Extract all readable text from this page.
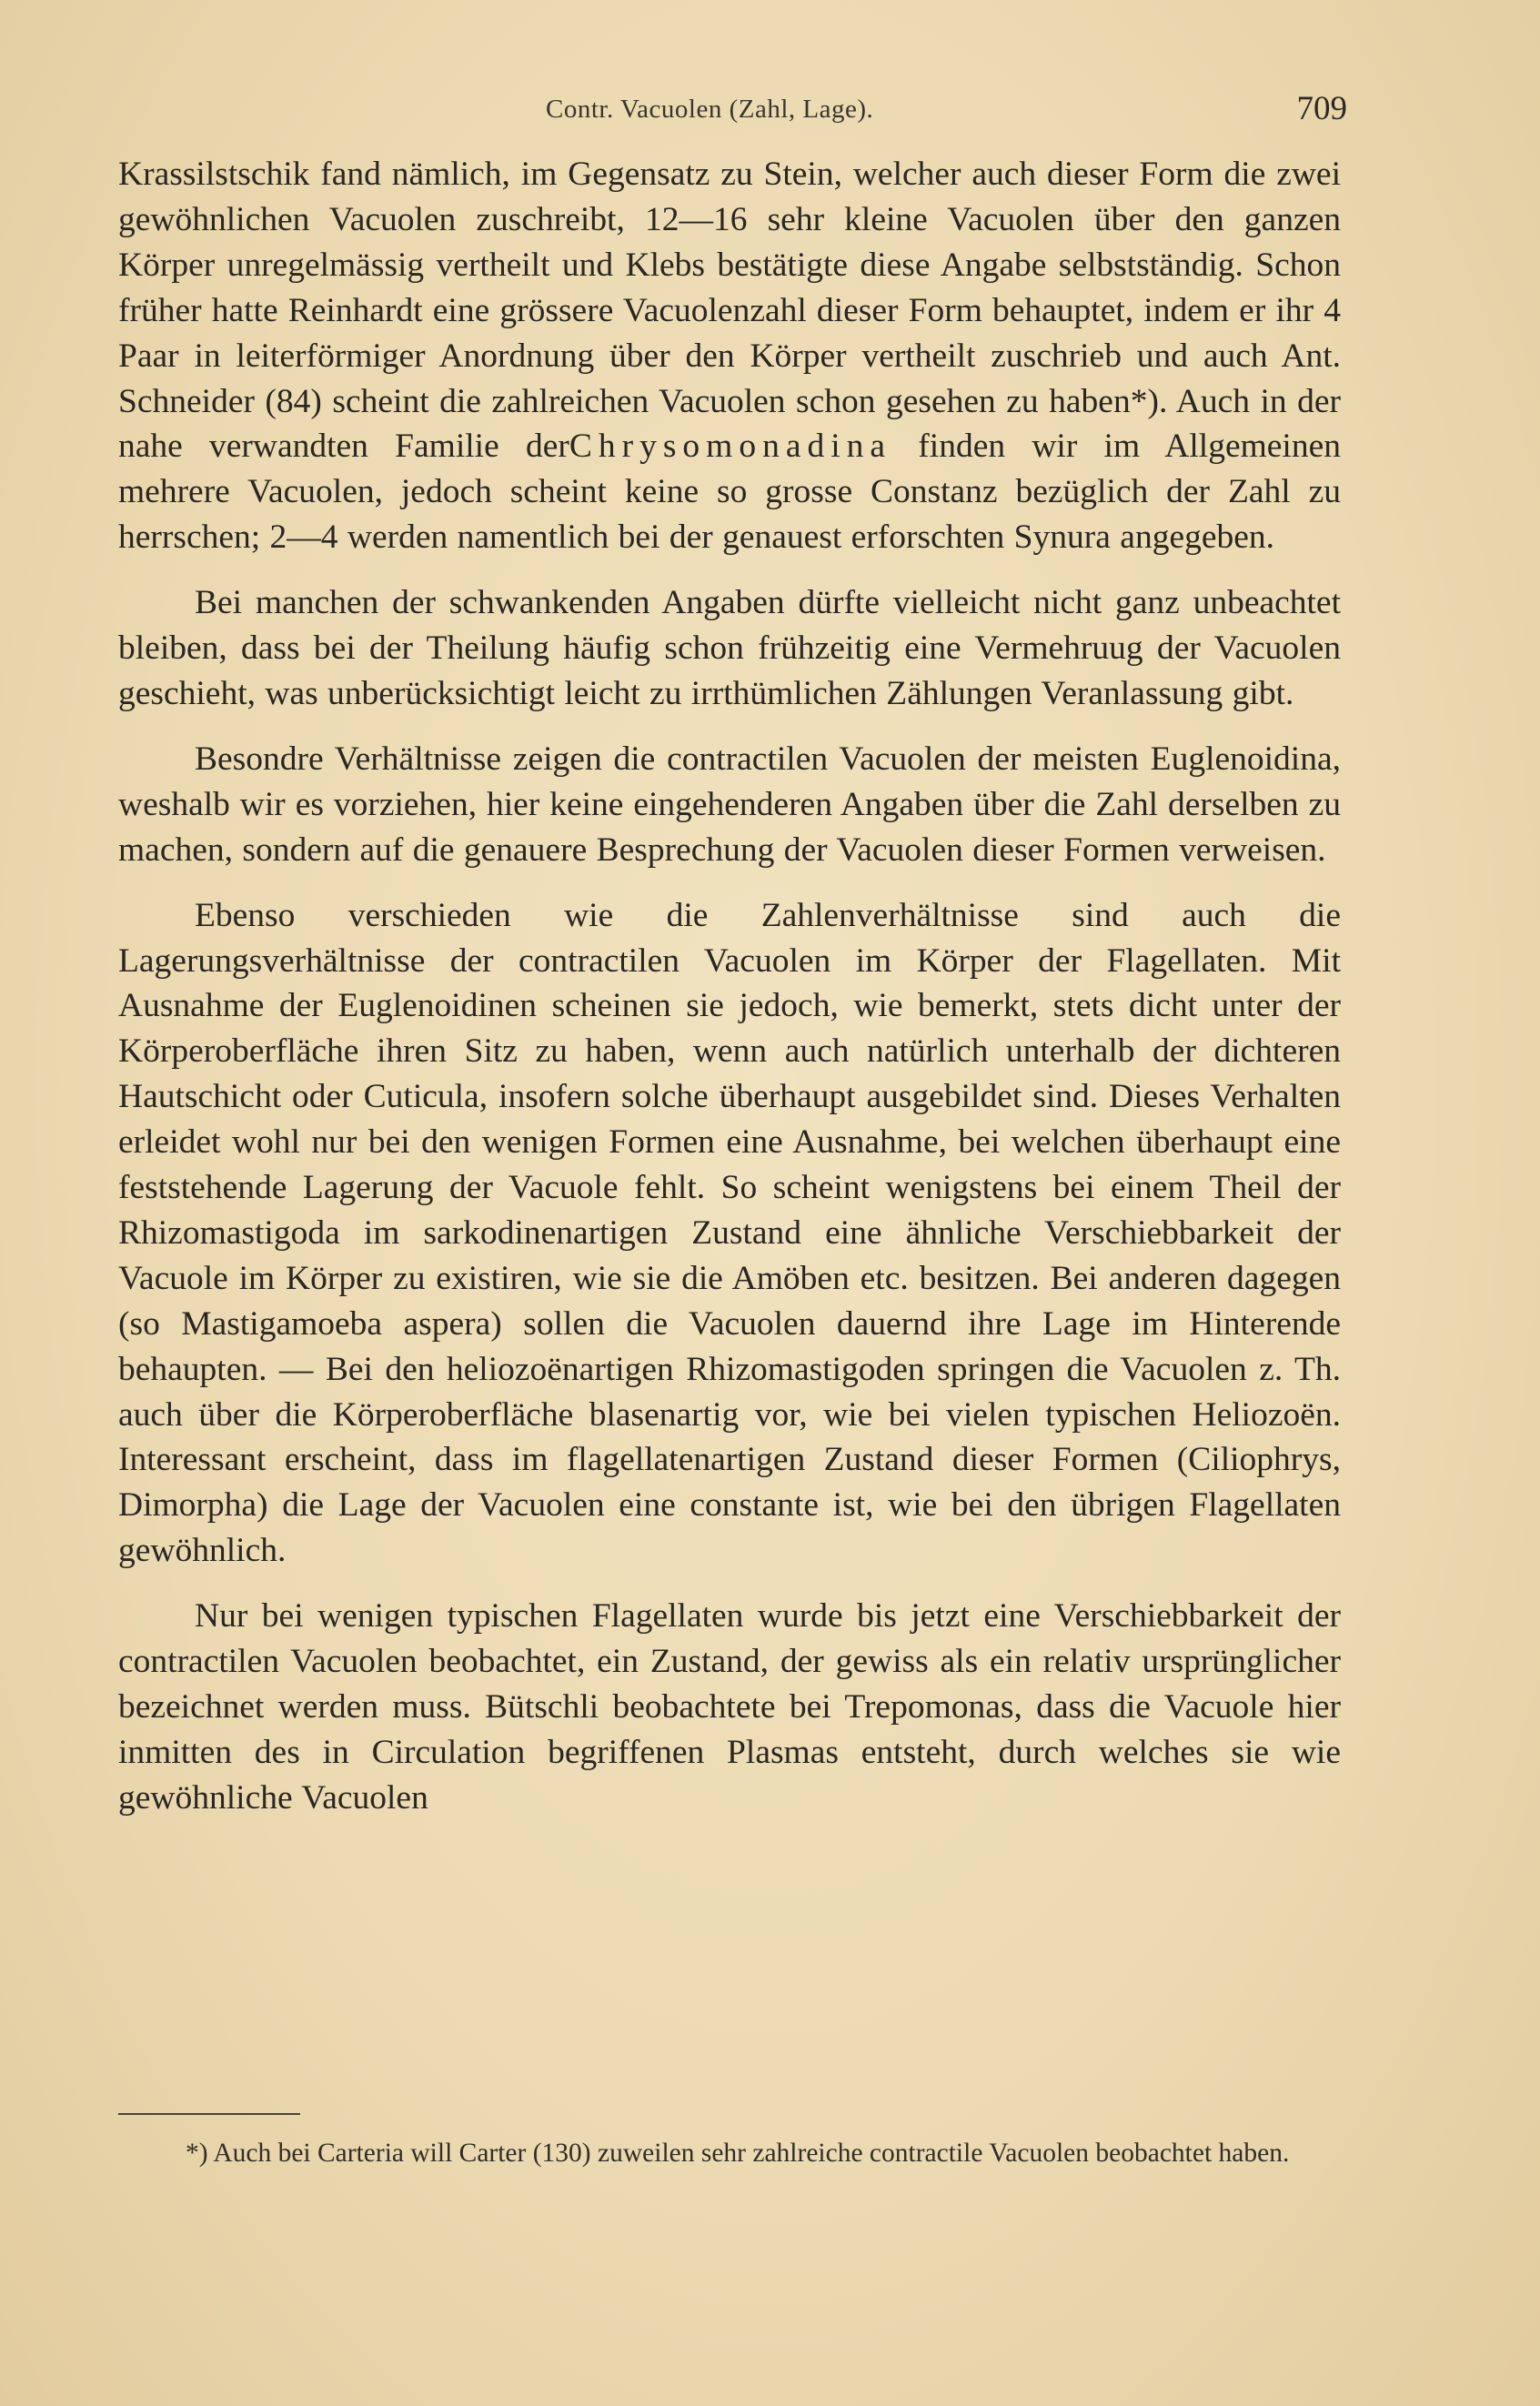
Contr. Vacuolen (Zahl, Lage).	709

Krassilstschik fand nämlich, im Gegensatz zu Stein, welcher auch dieser Form die zwei gewöhnlichen Vacuolen zuschreibt, 12—16 sehr kleine Vacuolen über den ganzen Körper unregelmässig vertheilt und Klebs bestätigte diese Angabe selbstständig. Schon früher hatte Reinhardt eine grössere Vacuolenzahl dieser Form behauptet, indem er ihr 4 Paar in leiterförmiger Anordnung über den Körper vertheilt zuschrieb und auch Ant. Schneider (84) scheint die zahlreichen Vacuolen schon gesehen zu haben*). Auch in der nahe verwandten Familie derChrysomonadina finden wir im Allgemeinen mehrere Vacuolen, jedoch scheint keine so grosse Constanz bezüglich der Zahl zu herrschen; 2—4 werden namentlich bei der genauest erforschten Synura angegeben.

Bei manchen der schwankenden Angaben dürfte vielleicht nicht ganz unbeachtet bleiben, dass bei der Theilung häufig schon frühzeitig eine Vermehruug der Vacuolen geschieht, was unberücksichtigt leicht zu irrthümlichen Zählungen Veranlassung gibt.

Besondre Verhältnisse zeigen die contractilen Vacuolen der meisten Euglenoidina, weshalb wir es vorziehen, hier keine eingehenderen Angaben über die Zahl derselben zu machen, sondern auf die genauere Besprechung der Vacuolen dieser Formen verweisen.

Ebenso verschieden wie die Zahlenverhältnisse sind auch die Lagerungsverhältnisse der contractilen Vacuolen im Körper der Flagellaten. Mit Ausnahme der Euglenoidinen scheinen sie jedoch, wie bemerkt, stets dicht unter der Körperoberfläche ihren Sitz zu haben, wenn auch natürlich unterhalb der dichteren Hautschicht oder Cuticula, insofern solche überhaupt ausgebildet sind. Dieses Verhalten erleidet wohl nur bei den wenigen Formen eine Ausnahme, bei welchen überhaupt eine feststehende Lagerung der Vacuole fehlt. So scheint wenigstens bei einem Theil der Rhizomastigoda im sarkodinenartigen Zustand eine ähnliche Verschiebbarkeit der Vacuole im Körper zu existiren, wie sie die Amöben etc. besitzen. Bei anderen dagegen (so Mastigamoeba aspera) sollen die Vacuolen dauernd ihre Lage im Hinterende behaupten. — Bei den heliozoënartigen Rhizomastigoden springen die Vacuolen z. Th. auch über die Körperoberfläche blasenartig vor, wie bei vielen typischen Heliozoën. Interessant erscheint, dass im flagellatenartigen Zustand dieser Formen (Ciliophrys, Dimorpha) die Lage der Vacuolen eine constante ist, wie bei den übrigen Flagellaten gewöhnlich.

Nur bei wenigen typischen Flagellaten wurde bis jetzt eine Verschiebbarkeit der contractilen Vacuolen beobachtet, ein Zustand, der gewiss als ein relativ ursprünglicher bezeichnet werden muss. Bütschli beobachtete bei Trepomonas, dass die Vacuole hier inmitten des in Circulation begriffenen Plasmas entsteht, durch welches sie wie gewöhnliche Vacuolen

*) Auch bei Carteria will Carter (130) zuweilen sehr zahlreiche contractile Vacuolen beobachtet haben.
